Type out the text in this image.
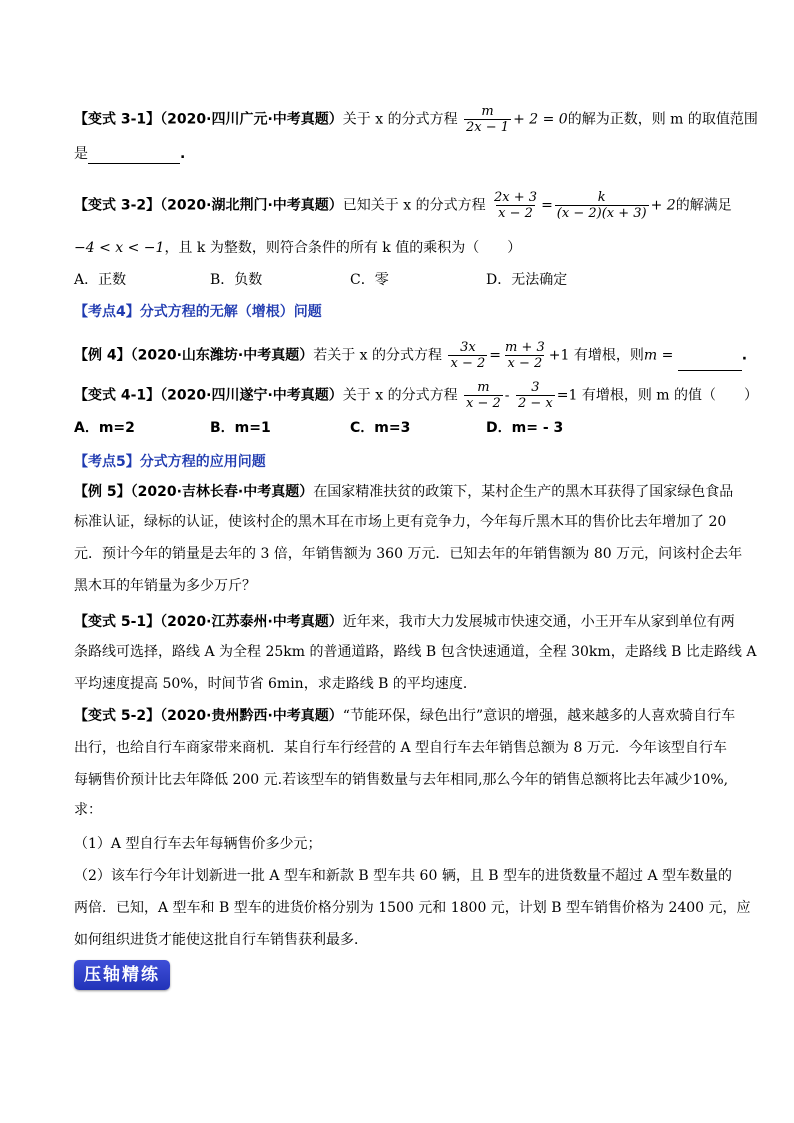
【变式 3-1】（2020·四川广元·中考真题）关于 x 的分式方程 $\frac{m}{2x - 1} + 2 = 0$的解为正数，则 m 的取值范围
是	.
【变式 3-2】（2020·湖北荆门·中考真题）已知关于 x 的分式方程 $\frac{2x + 3}{x - 2} = \frac{k}{(x - 2)(x + 3)} + 2$的解满足
−4 < x < −1，且 k 为整数，则符合条件的所有 k 值的乘积为（　　）
A．正数	B．负数	C．零	D．无法确定
【考点4】分式方程的无解（增根）问题
【例 4】（2020·山东潍坊·中考真题）若关于 x 的分式方程 $\frac{3x}{x - 2} = \frac{m + 3}{x - 2} +1$ 有增根，则m =	.
【变式 4-1】（2020·四川遂宁·中考真题）关于 x 的分式方程 $\frac{m}{x - 2} - \frac{3}{2 - x} =1$ 有增根，则 m 的值（　　）
A．m=2	B．m=1	C．m=3	D．m= - 3
【考点5】分式方程的应用问题
【例 5】（2020·吉林长春·中考真题）在国家精准扶贫的政策下，某村企生产的黑木耳获得了国家绿色食品
标准认证，绿标的认证，使该村企的黑木耳在市场上更有竞争力，今年每斤黑木耳的售价比去年增加了 20
元．预计今年的销量是去年的 3 倍，年销售额为 360 万元．已知去年的年销售额为 80 万元，问该村企去年
黑木耳的年销量为多少万斤？
【变式 5-1】（2020·江苏泰州·中考真题）近年来，我市大力发展城市快速交通，小王开车从家到单位有两
条路线可选择，路线 A 为全程 25km 的普通道路，路线 B 包含快速通道，全程 30km，走路线 B 比走路线 A
平均速度提高 50%，时间节省 6min，求走路线 B 的平均速度．
【变式 5-2】（2020·贵州黔西·中考真题）“节能环保，绿色出行”意识的增强，越来越多的人喜欢骑自行车
出行，也给自行车商家带来商机．某自行车行经营的 A 型自行车去年销售总额为 8 万元．今年该型自行车
每辆售价预计比去年降低 200 元.若该型车的销售数量与去年相同,那么今年的销售总额将比去年减少10%,
求：
（1）A 型自行车去年每辆售价多少元；
（2）该车行今年计划新进一批 A 型车和新款 B 型车共 60 辆，且 B 型车的进货数量不超过 A 型车数量的
两倍．已知，A 型车和 B 型车的进货价格分别为 1500 元和 1800 元，计划 B 型车销售价格为 2400 元，应
如何组织进货才能使这批自行车销售获利最多．
压轴精练
